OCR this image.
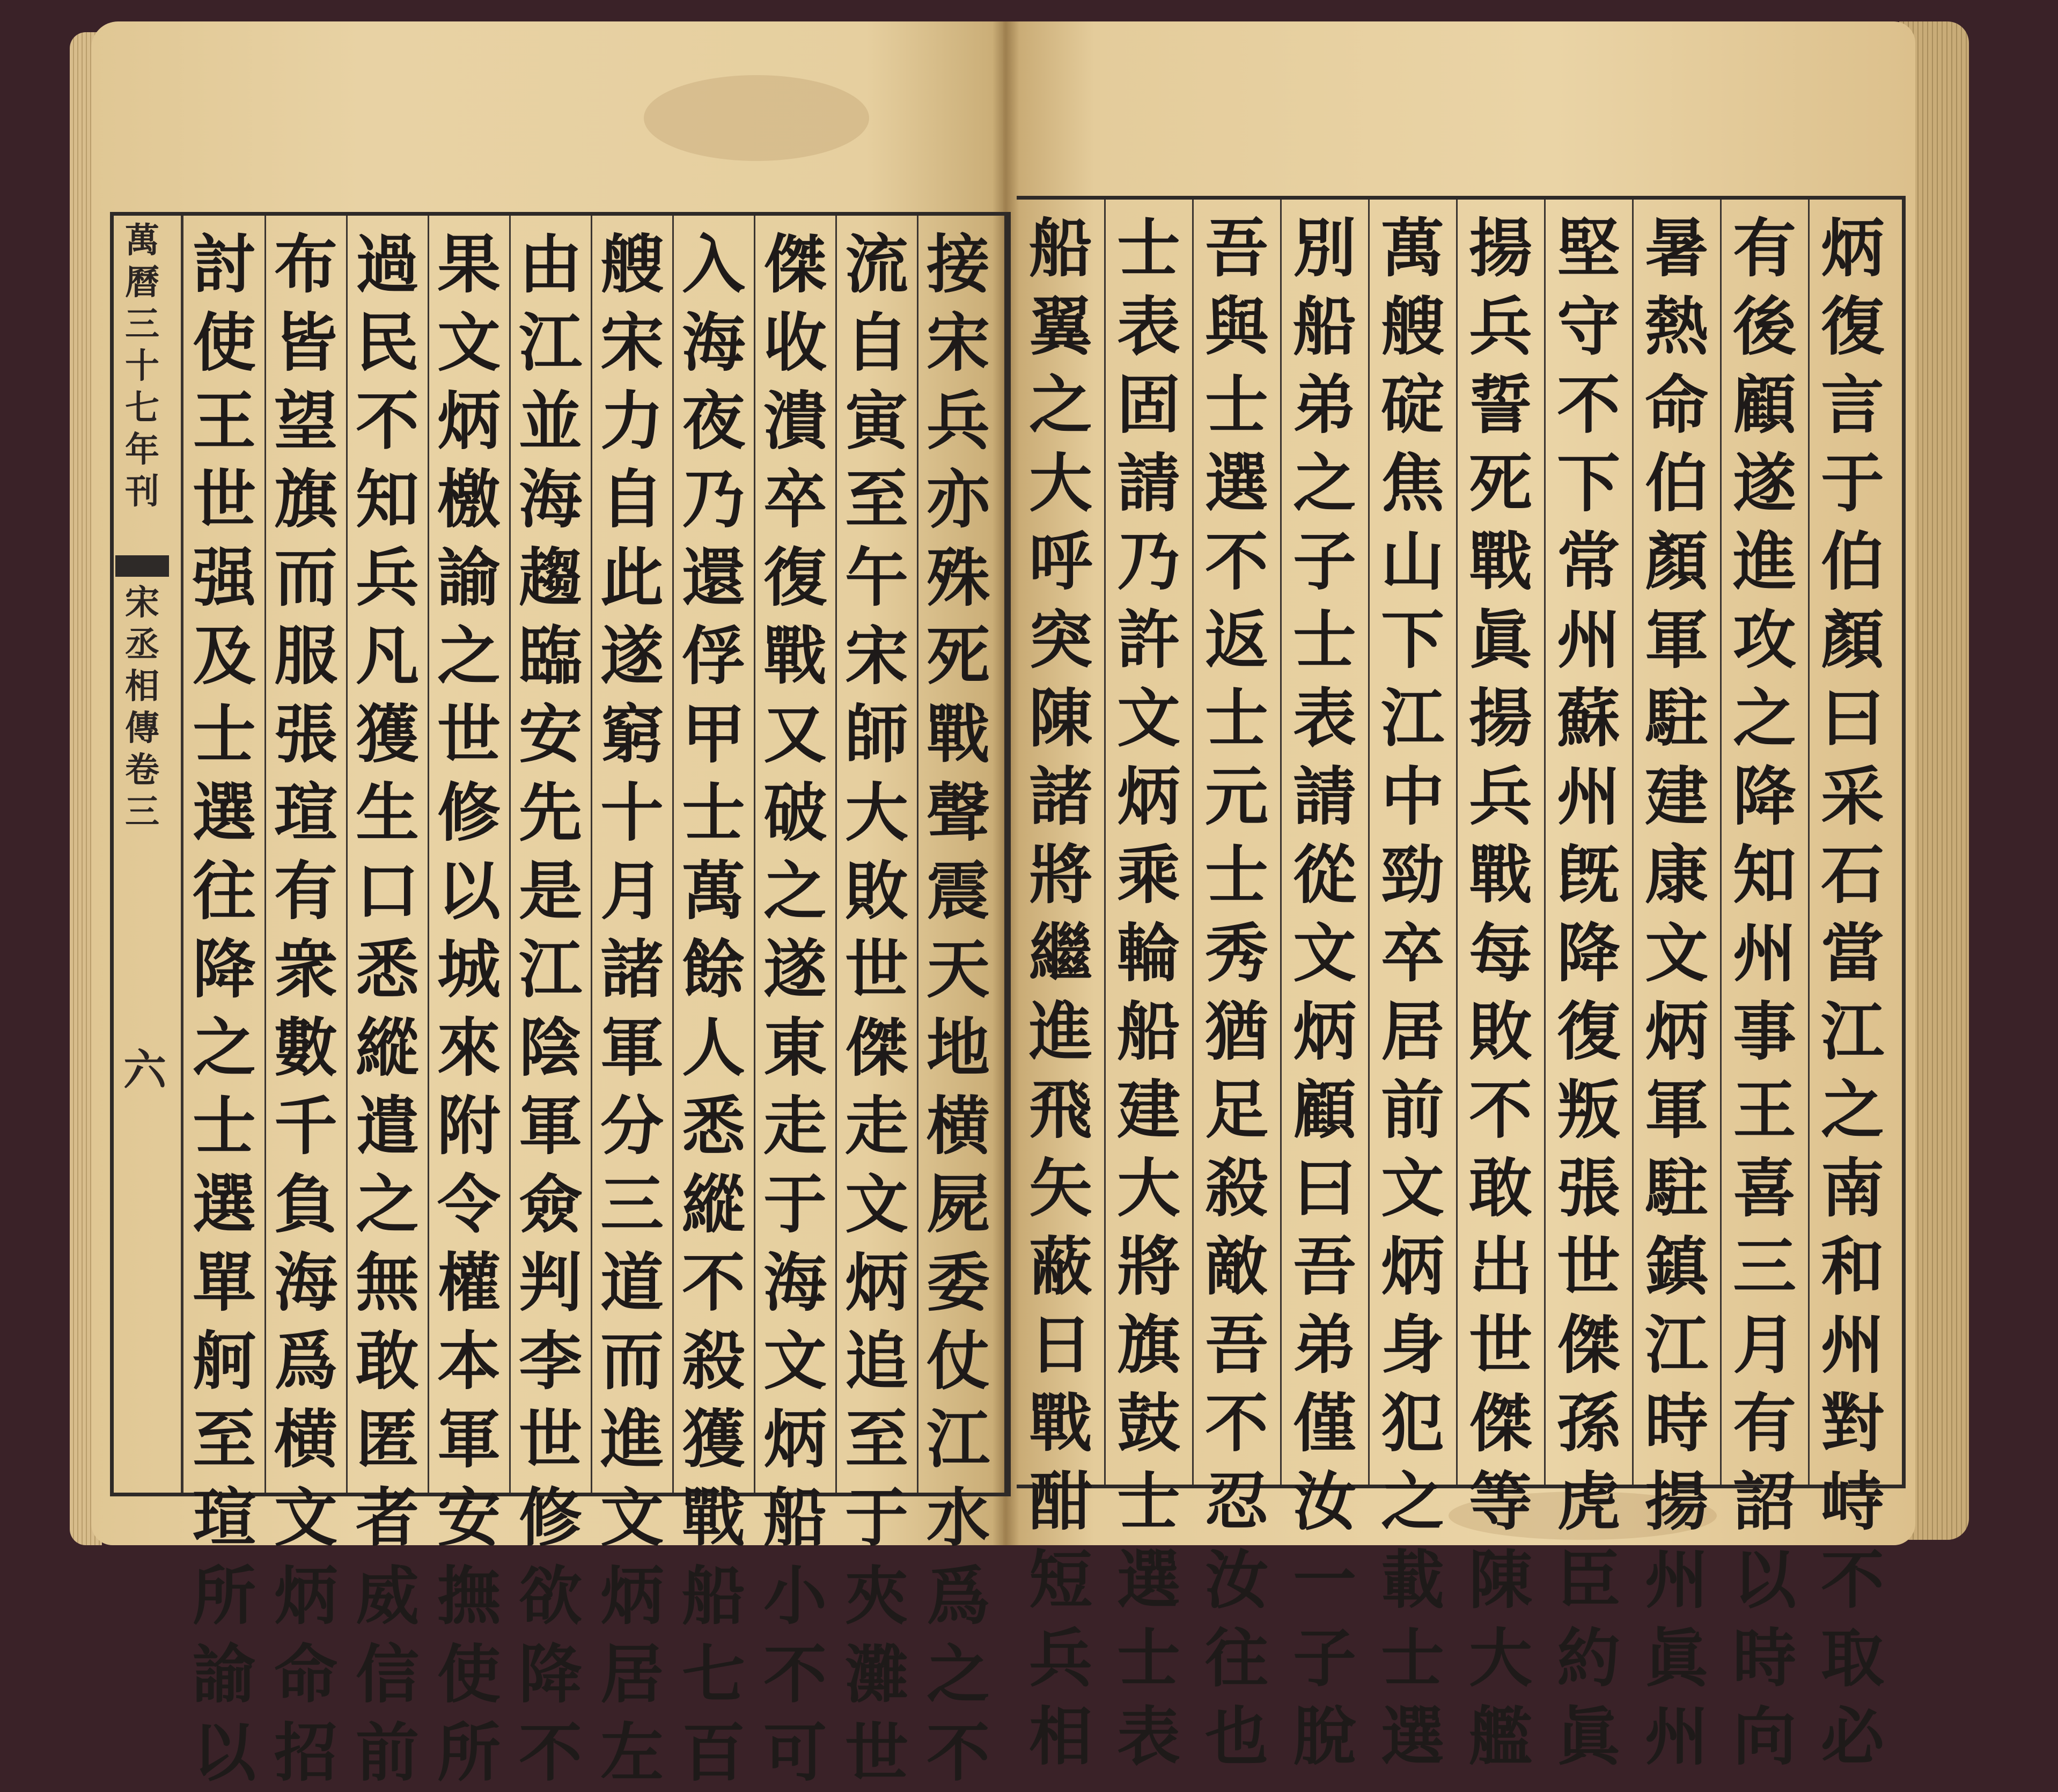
接
宋
兵
亦
殊
死
戰
聲
震
天
地
横
屍
委
仗
江
水
爲
之
不
流
自
寅
至
午
宋
師
大
敗
世
傑
走
文
炳
追
至
于
夾
灘
世
傑
收
潰
卒
復
戰
又
破
之
遂
東
走
于
海
文
炳
船
小
不
可
入
海
夜
乃
還
俘
甲
士
萬
餘
人
悉
縱
不
殺
獲
戰
船
七
百
艘
宋
力
自
此
遂
窮
十
月
諸
軍
分
三
道
而
進
文
炳
居
左
由
江
並
海
趨
臨
安
先
是
江
陰
軍
僉
判
李
世
修
欲
降
不
果
文
炳
檄
諭
之
世
修
以
城
來
附
令
權
本
軍
安
撫
使
所
過
民
不
知
兵
凡
獲
生
口
悉
縱
遣
之
無
敢
匿
者
威
信
前
布
皆
望
旗
而
服
張
瑄
有
衆
數
千
負
海
爲
横
文
炳
命
招
討
使
王
世
强
及
士
選
往
降
之
士
選
單
舸
至
瑄
所
諭
以
萬
曆
三
十
七
年
刊
宋
丞
相
傳
卷
三
六
炳
復
言
于
伯
顏
曰
采
石
當
江
之
南
和
州
對
峙
不
取
必
有
後
顧
遂
進
攻
之
降
知
州
事
王
喜
三
月
有
詔
以
時
向
暑
熱
命
伯
顏
軍
駐
建
康
文
炳
軍
駐
鎮
江
時
揚
州
眞
州
堅
守
不
下
常
州
蘇
州
旣
降
復
叛
張
世
傑
孫
虎
臣
約
眞
揚
兵
誓
死
戰
眞
揚
兵
戰
每
敗
不
敢
出
世
傑
等
陳
大
艦
萬
艘
碇
焦
山
下
江
中
勁
卒
居
前
文
炳
身
犯
之
載
士
選
別
船
弟
之
子
士
表
請
從
文
炳
顧
曰
吾
弟
僅
汝
一
子
脫
吾
與
士
選
不
返
士
元
士
秀
猶
足
殺
敵
吾
不
忍
汝
往
也
士
表
固
請
乃
許
文
炳
乘
輪
船
建
大
將
旗
鼓
士
選
士
表
船
翼
之
大
呼
突
陳
諸
將
繼
進
飛
矢
蔽
日
戰
酣
短
兵
相
